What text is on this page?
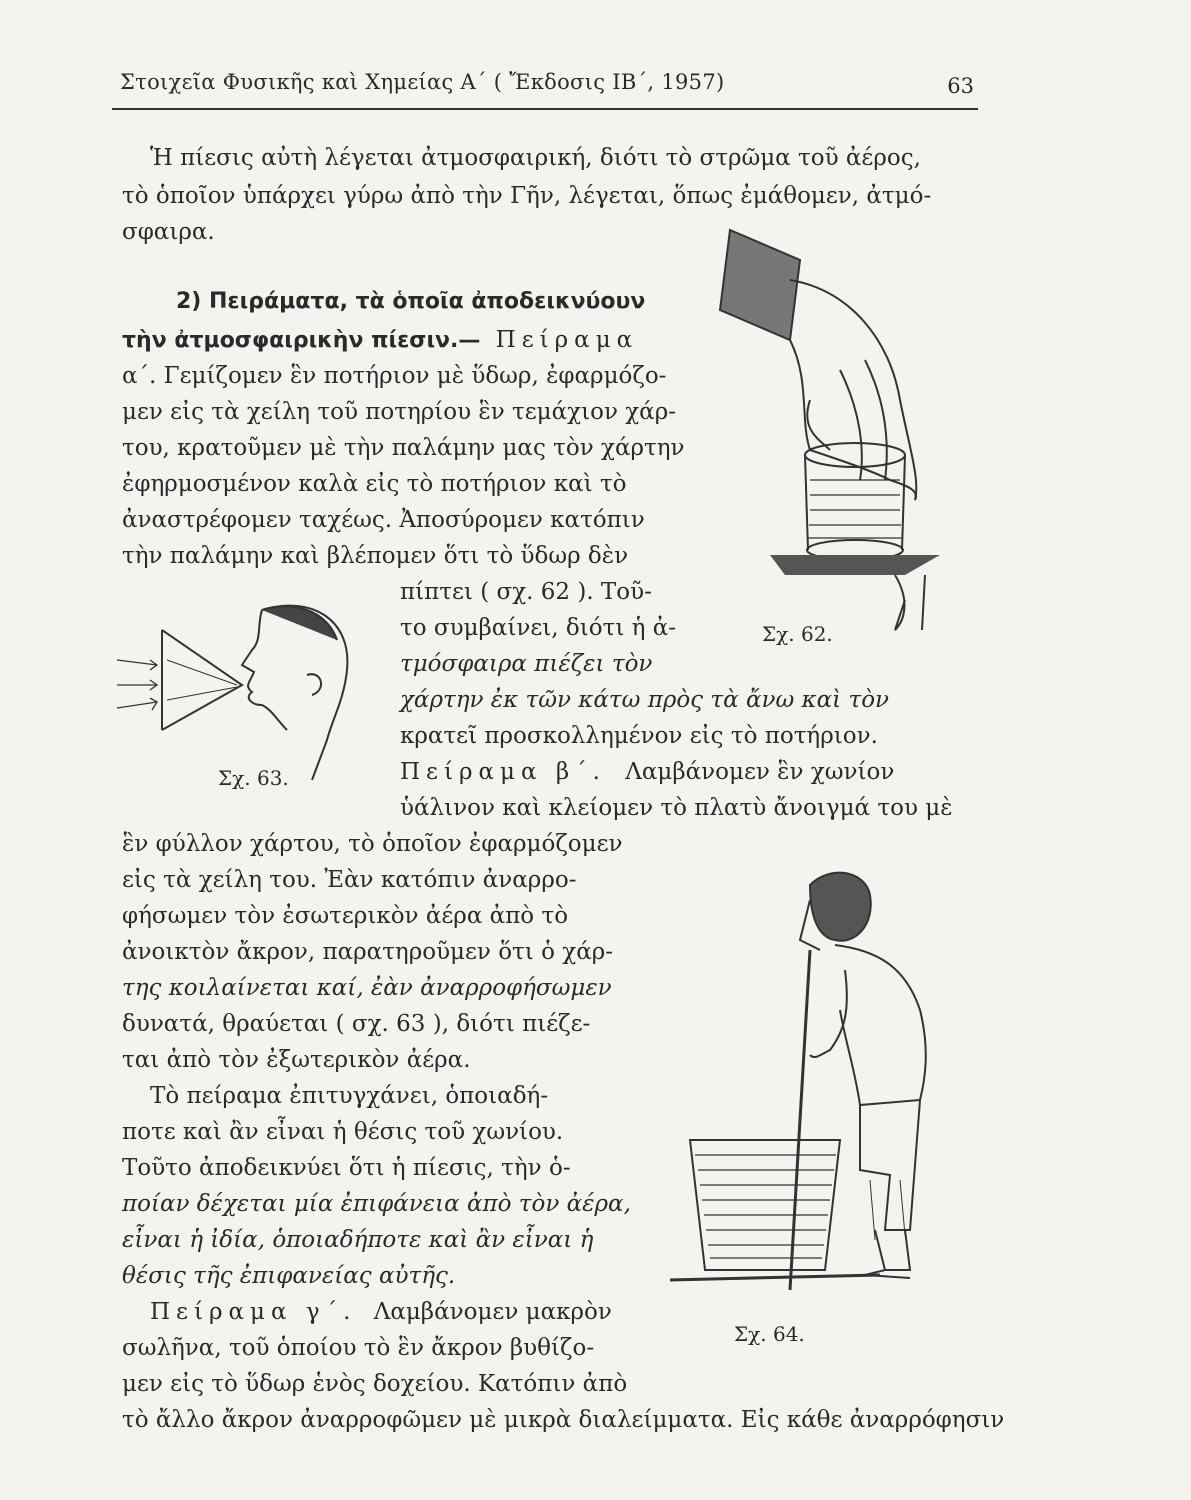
Στοιχεῖα Φυσικῆς καὶ Χημείας Α΄ ( Ἔκδοσις ΙΒ΄, 1957)	63
Ἡ πίεσις αὐτὴ λέγεται ἀτμοσφαιρική, διότι τὸ στρῶμα τοῦ ἀέρος,
τὸ ὁποῖον ὑπάρχει γύρω ἀπὸ τὴν Γῆν, λέγεται, ὅπως ἐμάθομεν, ἀτμό-
σφαιρα.
2) Πειράματα, τὰ ὁποῖα ἀποδεικνύουν
τὴν ἀτμοσφαιρικὴν πίεσιν.— Πείραμα
α΄. Γεμίζομεν ἓν ποτήριον μὲ ὕδωρ, ἐφαρμόζο-
μεν εἰς τὰ χείλη τοῦ ποτηρίου ἓν τεμάχιον χάρ-
του, κρατοῦμεν μὲ τὴν παλάμην μας τὸν χάρτην
ἐφηρμοσμένον καλὰ εἰς τὸ ποτήριον καὶ τὸ
ἀναστρέφομεν ταχέως. Ἀποσύρομεν κατόπιν
τὴν παλάμην καὶ βλέπομεν ὅτι τὸ ὕδωρ δὲν
πίπτει ( σχ. 62 ). Τοῦ-
το συμβαίνει, διότι ἡ ἀ-
τμόσφαιρα πιέζει τὸν
χάρτην ἐκ τῶν κάτω πρὸς τὰ ἄνω καὶ τὸν
κρατεῖ προσκολλημένον εἰς τὸ ποτήριον.
Πείραμα β΄. Λαμβάνομεν ἓν χωνίον
ὑάλινον καὶ κλείομεν τὸ πλατὺ ἄνοιγμά του μὲ
ἓν φύλλον χάρτου, τὸ ὁποῖον ἐφαρμόζομεν
εἰς τὰ χείλη του. Ἐὰν κατόπιν ἀναρρο-
φήσωμεν τὸν ἐσωτερικὸν ἀέρα ἀπὸ τὸ
ἀνοικτὸν ἄκρον, παρατηροῦμεν ὅτι ὁ χάρ-
της κοιλαίνεται καί, ἐὰν ἀναρροφήσωμεν
δυνατά, θραύεται ( σχ. 63 ), διότι πιέζε-
ται ἀπὸ τὸν ἐξωτερικὸν ἀέρα.
Τὸ πείραμα ἐπιτυγχάνει, ὁποιαδή-
ποτε καὶ ἂν εἶναι ἡ θέσις τοῦ χωνίου.
Τοῦτο ἀποδεικνύει ὅτι ἡ πίεσις, τὴν ὁ-
ποίαν δέχεται μία ἐπιφάνεια ἀπὸ τὸν ἀέρα,
εἶναι ἡ ἰδία, ὁποιαδήποτε καὶ ἂν εἶναι ἡ
θέσις τῆς ἐπιφανείας αὐτῆς.
Πείραμα γ΄. Λαμβάνομεν μακρὸν
σωλῆνα, τοῦ ὁποίου τὸ ἓν ἄκρον βυθίζο-
μεν εἰς τὸ ὕδωρ ἑνὸς δοχείου. Κατόπιν ἀπὸ
τὸ ἄλλο ἄκρον ἀναρροφῶμεν μὲ μικρὰ διαλείμματα. Εἰς κάθε ἀναρρόφησιν
Σχ. 62.
Σχ. 63.
Σχ. 64.
